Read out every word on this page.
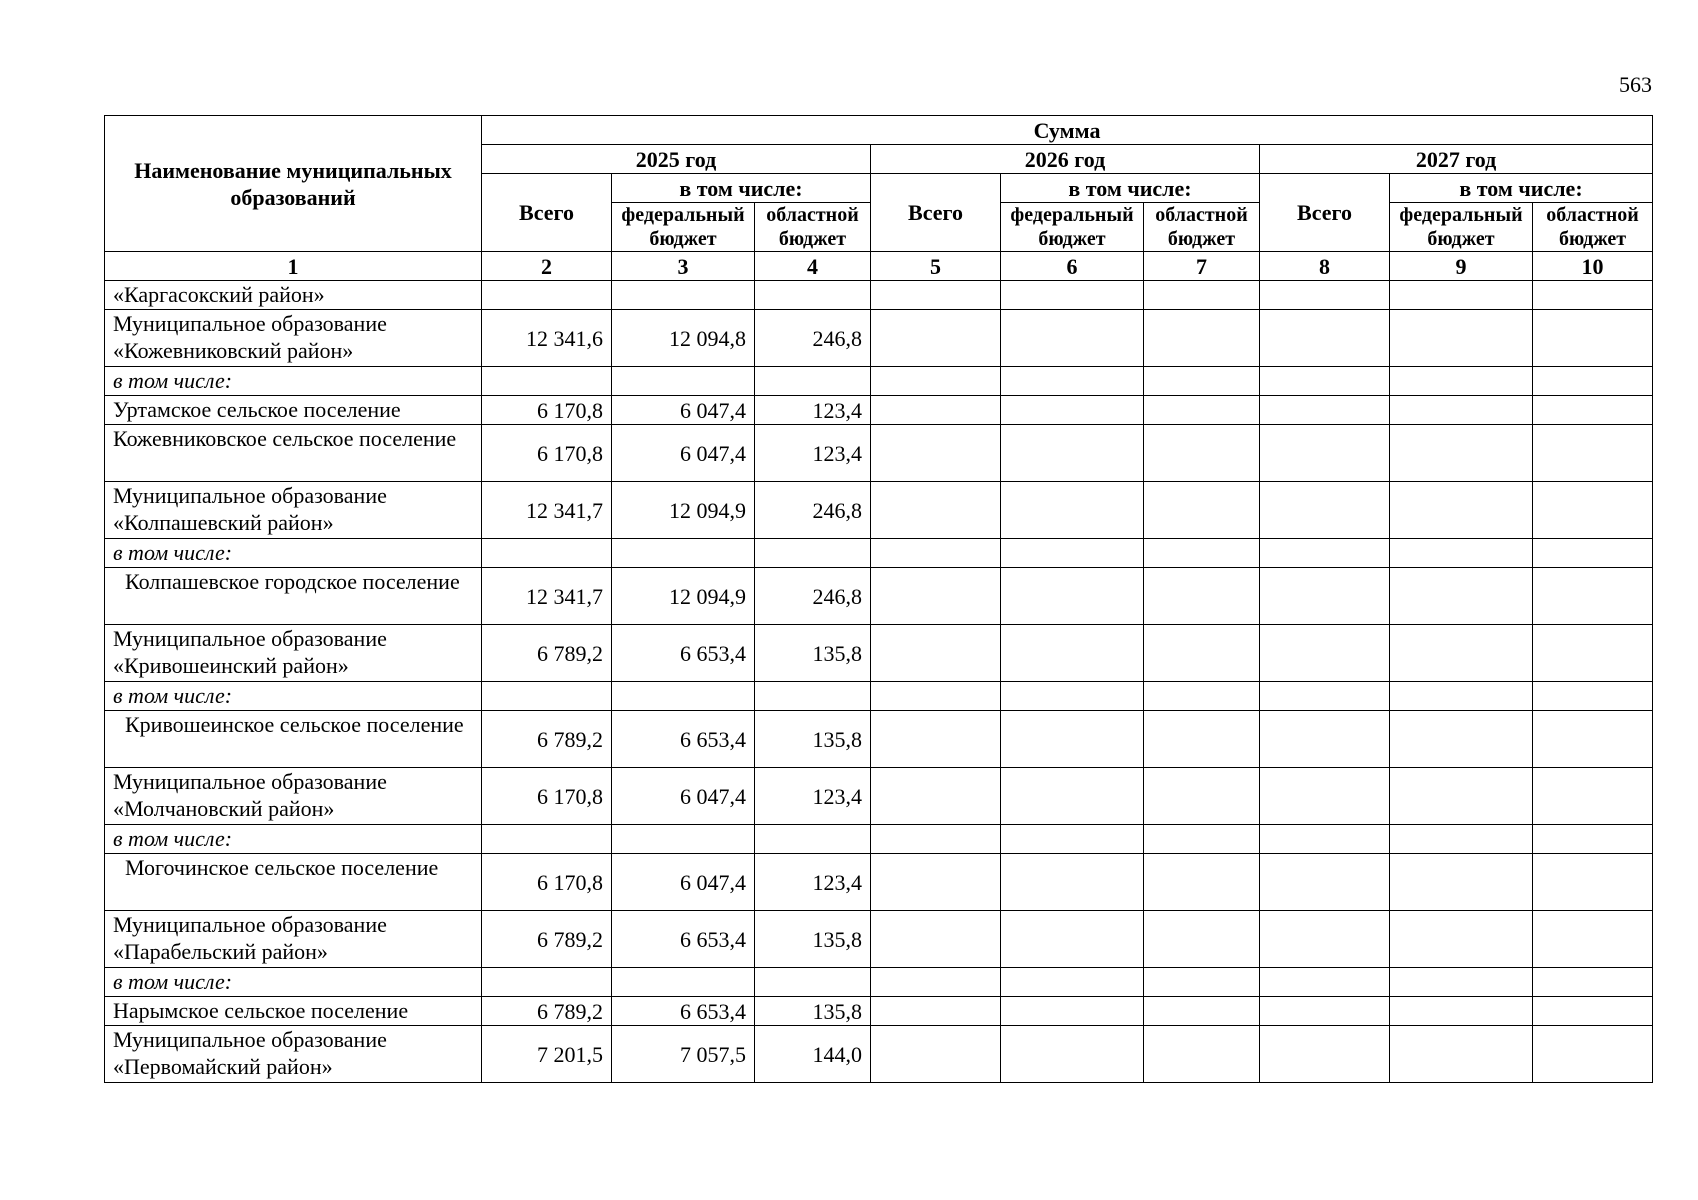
563
Наименование муниципальных образований	Сумма								
	2025 год			2026 год			2027 год		
	Всего	в том числе:		Всего	в том числе:		Всего	в том числе:	
		федеральный бюджет	областной бюджет		федеральный бюджет	областной бюджет		федеральный бюджет	областной бюджет
1	2	3	4	5	6	7	8	9	10
«Каргасокский район»									
Муниципальное образование «Кожевниковский район»	12 341,6	12 094,8	246,8						
в том числе:									
Уртамское сельское поселение	6 170,8	6 047,4	123,4						
Кожевниковское сельское поселение	6 170,8	6 047,4	123,4						
Муниципальное образование «Колпашевский район»	12 341,7	12 094,9	246,8						
в том числе:									
Колпашевское городское поселение	12 341,7	12 094,9	246,8						
Муниципальное образование «Кривошеинский район»	6 789,2	6 653,4	135,8						
в том числе:									
Кривошеинское сельское поселение	6 789,2	6 653,4	135,8						
Муниципальное образование «Молчановский район»	6 170,8	6 047,4	123,4						
в том числе:									
Могочинское сельское поселение	6 170,8	6 047,4	123,4						
Муниципальное образование «Парабельский район»	6 789,2	6 653,4	135,8						
в том числе:									
Нарымское сельское поселение	6 789,2	6 653,4	135,8						
Муниципальное образование «Первомайский район»	7 201,5	7 057,5	144,0						
